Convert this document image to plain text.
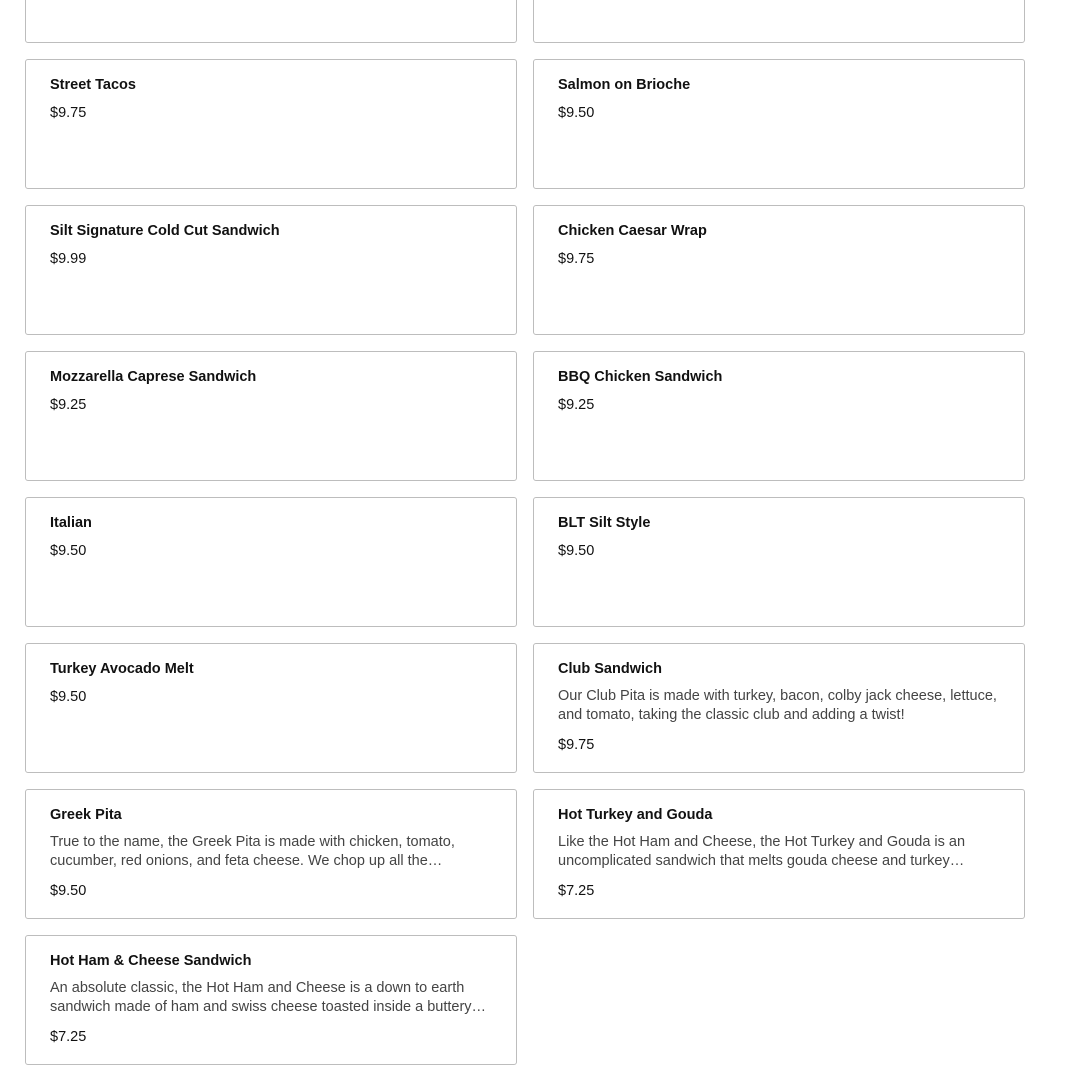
Street Tacos
$9.75
Salmon on Brioche
$9.50
Silt Signature Cold Cut Sandwich
$9.99
Chicken Caesar Wrap
$9.75
Mozzarella Caprese Sandwich
$9.25
BBQ Chicken Sandwich
$9.25
Italian
$9.50
BLT Silt Style
$9.50
Turkey Avocado Melt
$9.50
Club Sandwich
Our Club Pita is made with turkey, bacon, colby jack cheese, lettuce, and tomato, taking the classic club and adding a twist!
$9.75
Greek Pita
True to the name, the Greek Pita is made with chicken, tomato, cucumber, red onions, and feta cheese. We chop up all the…
$9.50
Hot Turkey and Gouda
Like the Hot Ham and Cheese, the Hot Turkey and Gouda is an uncomplicated sandwich that melts gouda cheese and turkey…
$7.25
Hot Ham & Cheese Sandwich
An absolute classic, the Hot Ham and Cheese is a down to earth sandwich made of ham and swiss cheese toasted inside a buttery…
$7.25
